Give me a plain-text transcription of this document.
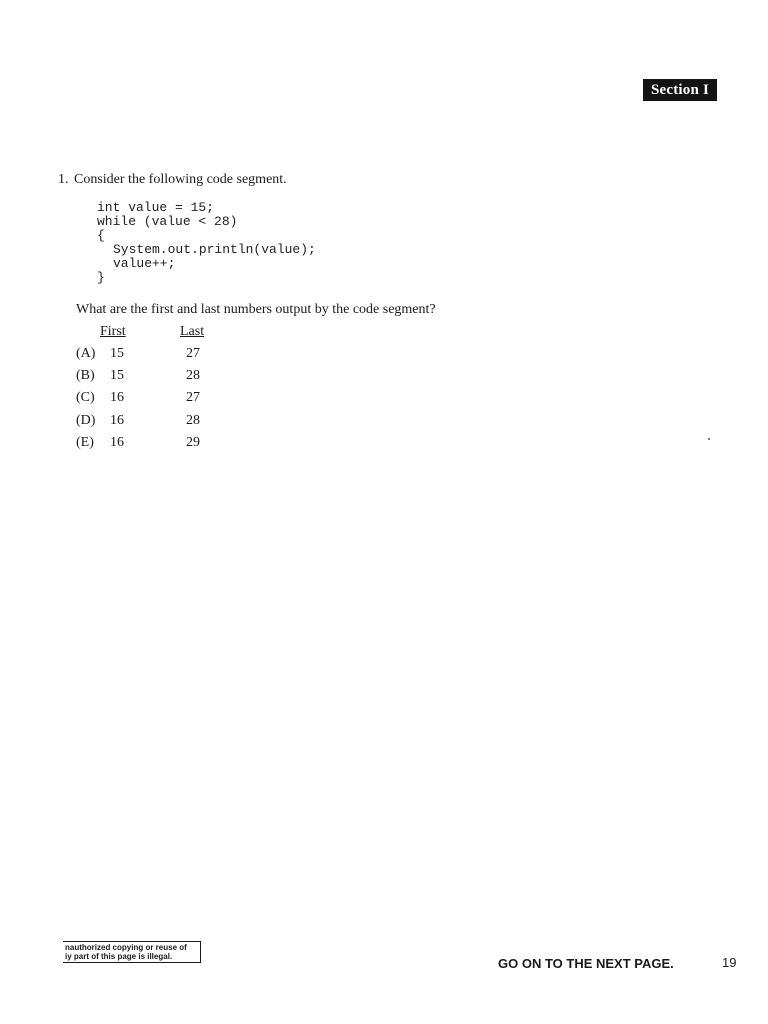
Section I
1. Consider the following code segment.
int value = 15;
while (value < 28)
{
System.out.println(value);
value++;
}
What are the first and last numbers output by the code segment?
First	Last
(A) 15	27
(B) 15	28
(C) 16	27
(D) 16	28
(E) 16	29
nauthorized copying or reuse of
iy part of this page is illegal.	GO ON TO THE NEXT PAGE.	19
